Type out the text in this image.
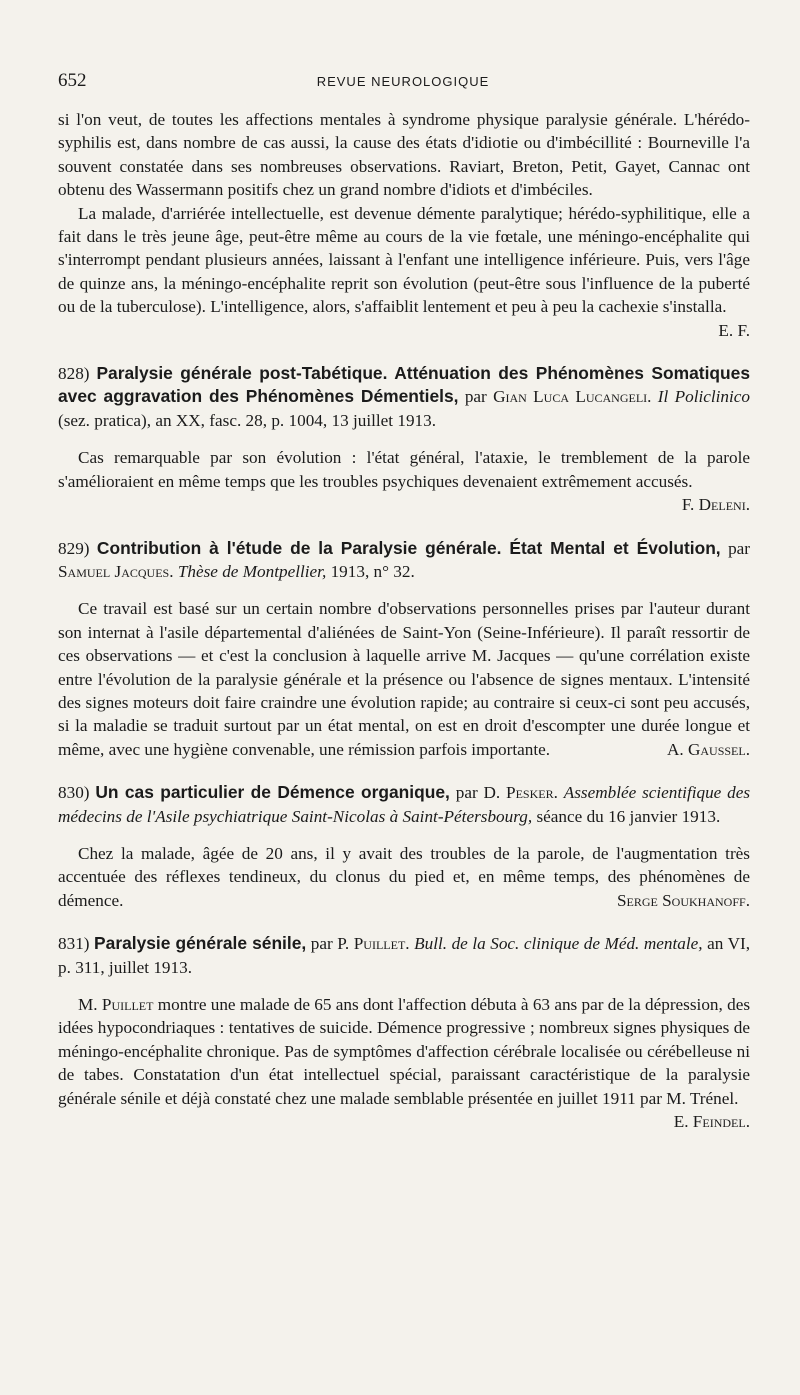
652	REVUE NEUROLOGIQUE

si l'on veut, de toutes les affections mentales à syndrome physique paralysie générale. L'hérédo-syphilis est, dans nombre de cas aussi, la cause des états d'idiotie ou d'imbécillité : Bourneville l'a souvent constatée dans ses nombreuses observations. Raviart, Breton, Petit, Gayet, Cannac ont obtenu des Wassermann positifs chez un grand nombre d'idiots et d'imbéciles.

La malade, d'arriérée intellectuelle, est devenue démente paralytique; hérédo-syphilitique, elle a fait dans le très jeune âge, peut-être même au cours de la vie fœtale, une méningo-encéphalite qui s'interrompt pendant plusieurs années, laissant à l'enfant une intelligence inférieure. Puis, vers l'âge de quinze ans, la méningo-encéphalite reprit son évolution (peut-être sous l'influence de la puberté ou de la tuberculose). L'intelligence, alors, s'affaiblit lentement et peu à peu la cachexie s'installa.
E. F.

828) Paralysie générale post-Tabétique. Atténuation des Phénomènes Somatiques avec aggravation des Phénomènes Démentiels, par Gian Luca Lucangeli. Il Policlinico (sez. pratica), an XX, fasc. 28, p. 1004, 13 juillet 1913.

Cas remarquable par son évolution : l'état général, l'ataxie, le tremblement de la parole s'amélioraient en même temps que les troubles psychiques devenaient extrêmement accusés.
F. Deleni.

829) Contribution à l'étude de la Paralysie générale. État Mental et Évolution, par Samuel Jacques. Thèse de Montpellier, 1913, n° 32.

Ce travail est basé sur un certain nombre d'observations personnelles prises par l'auteur durant son internat à l'asile départemental d'aliénées de Saint-Yon (Seine-Inférieure). Il paraît ressortir de ces observations — et c'est la conclusion à laquelle arrive M. Jacques — qu'une corrélation existe entre l'évolution de la paralysie générale et la présence ou l'absence de signes mentaux. L'intensité des signes moteurs doit faire craindre une évolution rapide; au contraire si ceux-ci sont peu accusés, si la maladie se traduit surtout par un état mental, on est en droit d'escompter une durée longue et même, avec une hygiène convenable, une rémission parfois importante.	A. Gaussel.

830) Un cas particulier de Démence organique, par D. Pesker. Assemblée scientifique des médecins de l'Asile psychiatrique Saint-Nicolas à Saint-Pétersbourg, séance du 16 janvier 1913.

Chez la malade, âgée de 20 ans, il y avait des troubles de la parole, de l'augmentation très accentuée des réflexes tendineux, du clonus du pied et, en même temps, des phénomènes de démence.	Serge Soukhanoff.

831) Paralysie générale sénile, par P. Puillet. Bull. de la Soc. clinique de Méd. mentale, an VI, p. 311, juillet 1913.

M. Puillet montre une malade de 65 ans dont l'affection débuta à 63 ans par de la dépression, des idées hypocondriaques : tentatives de suicide. Démence progressive ; nombreux signes physiques de méningo-encéphalite chronique. Pas de symptômes d'affection cérébrale localisée ou cérébelleuse ni de tabes. Constatation d'un état intellectuel spécial, paraissant caractéristique de la paralysie générale sénile et déjà constaté chez une malade semblable présentée en juillet 1911 par M. Trénel.
E. Feindel.
